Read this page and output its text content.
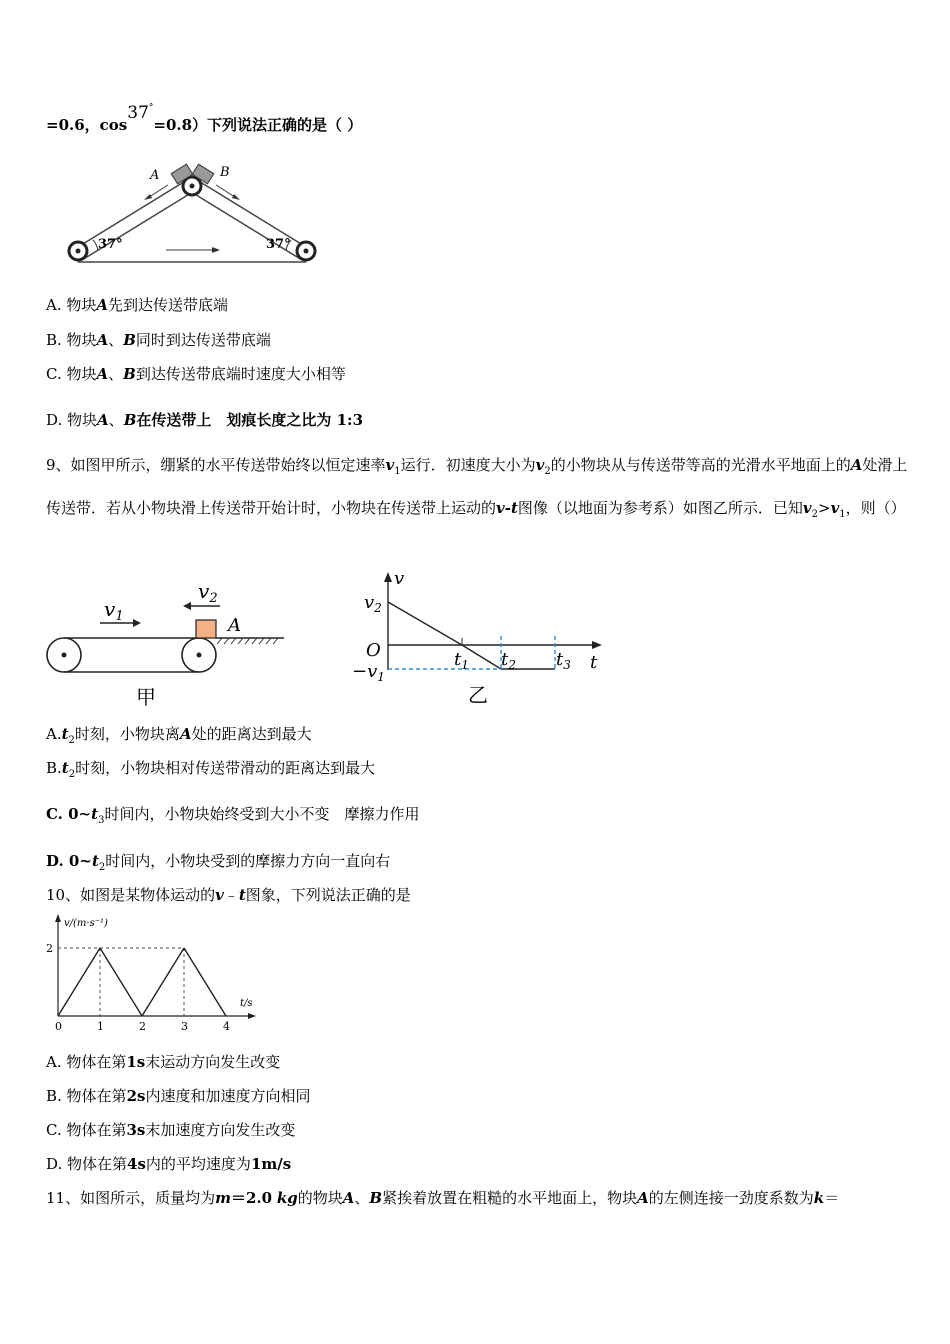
=0.6，cos37°=0.8）下列说法正确的是（ ）
A	B
37°	37°
A. 物块A先到达传送带底端
B. 物块A、B同时到达传送带底端
C. 物块A、B到达传送带底端时速度大小相等
D. 物块A、B在传送带上　划痕长度之比为 1:3
9、如图甲所示，绷紧的水平传送带始终以恒定速率$v_1$运行．初速度大小为$v_2$的小物块从与传送带等高的光滑水平地面上的A处滑上传送带．若从小物块滑上传送带开始计时，小物块在传送带上运动的v-t图像（以地面为参考系）如图乙所示．已知$v_2>v_1$，则（）
A
$v_1$
$v_2$
甲
v
t
O
$v_2$
$-v_1$
$t_1$ $t_2$ $t_3$
乙
$A.t_2$时刻，小物块离A处的距离达到最大
$B.t_2$时刻，小物块相对传送带滑动的距离达到最大
C. $0\sim t_3$时间内，小物块始终受到大小不变　摩擦力作用
D. $0\sim t_2$时间内，小物块受到的摩擦力方向一直向右
10、如图是某物体运动的v﹣t图象，下列说法正确的是
v/(m·s⁻¹)
t/s
0	1	2	3	4
2
A. 物体在第1s末运动方向发生改变
B. 物体在第2s内速度和加速度方向相同
C. 物体在第3s末加速度方向发生改变
D. 物体在第4s内的平均速度为1m/s
11、如图所示，质量均为m＝2.0 kg的物块A、B紧挨着放置在粗糙的水平地面上，物块A的左侧连接一劲度系数为k＝
